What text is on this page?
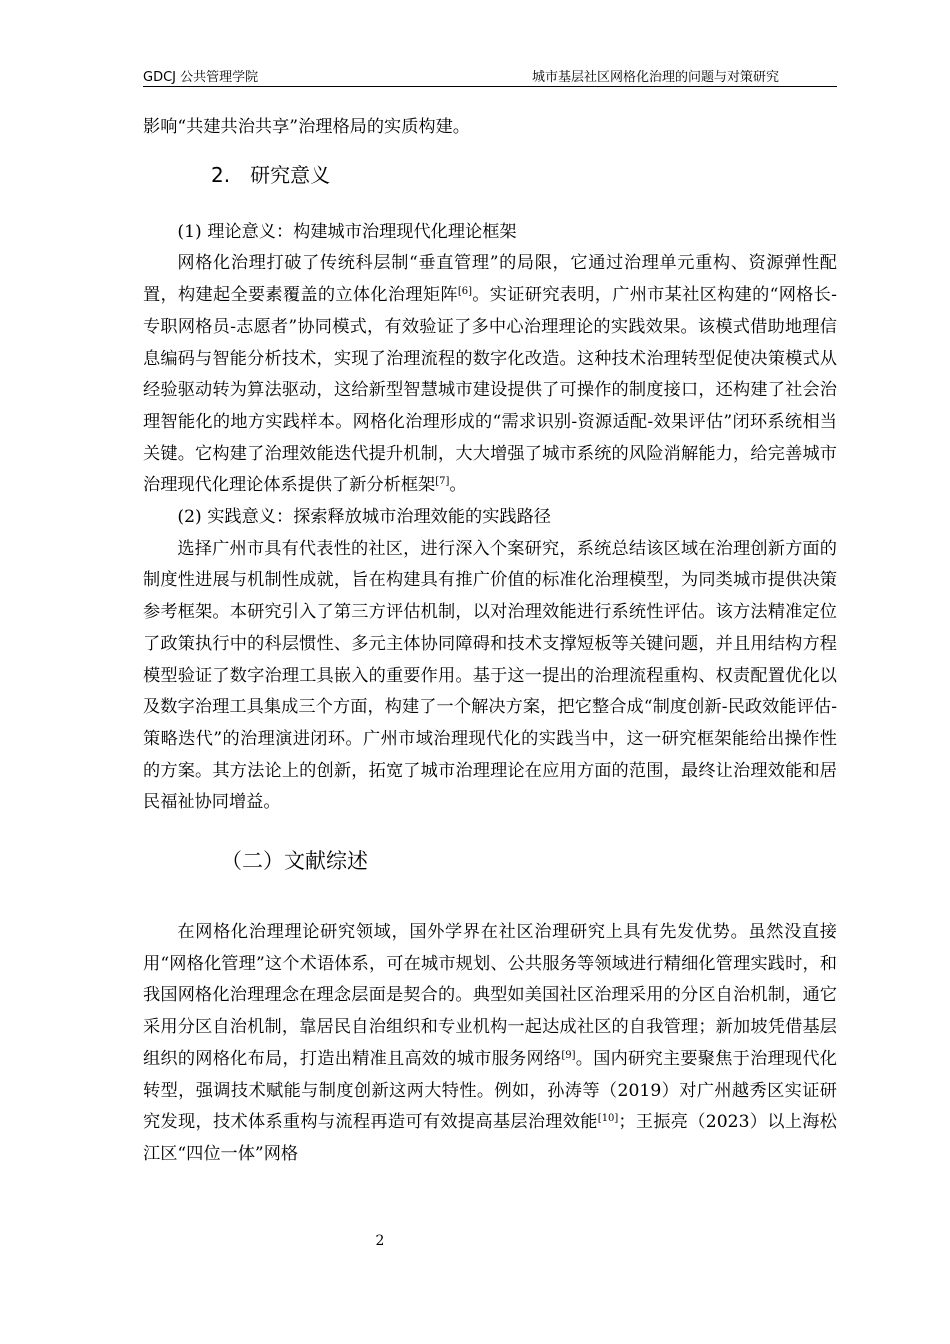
GDCJ 公共管理学院	城市基层社区网格化治理的问题与对策研究

影响“共建共治共享”治理格局的实质构建。

2.　研究意义

(1) 理论意义：构建城市治理现代化理论框架

网格化治理打破了传统科层制“垂直管理”的局限，它通过治理单元重构、资源弹性配置，构建起全要素覆盖的立体化治理矩阵[6]。实证研究表明，广州市某社区构建的“网格长-专职网格员-志愿者”协同模式，有效验证了多中心治理理论的实践效果。该模式借助地理信息编码与智能分析技术，实现了治理流程的数字化改造。这种技术治理转型促使决策模式从经验驱动转为算法驱动，这给新型智慧城市建设提供了可操作的制度接口，还构建了社会治理智能化的地方实践样本。网格化治理形成的“需求识别-资源适配-效果评估”闭环系统相当关键。它构建了治理效能迭代提升机制，大大增强了城市系统的风险消解能力，给完善城市治理现代化理论体系提供了新分析框架[7]。

(2) 实践意义：探索释放城市治理效能的实践路径

选择广州市具有代表性的社区，进行深入个案研究，系统总结该区域在治理创新方面的制度性进展与机制性成就，旨在构建具有推广价值的标准化治理模型，为同类城市提供决策参考框架。本研究引入了第三方评估机制，以对治理效能进行系统性评估。该方法精准定位了政策执行中的科层惯性、多元主体协同障碍和技术支撑短板等关键问题，并且用结构方程模型验证了数字治理工具嵌入的重要作用。基于这一提出的治理流程重构、权责配置优化以及数字治理工具集成三个方面，构建了一个解决方案，把它整合成“制度创新-民政效能评估-策略迭代”的治理演进闭环。广州市域治理现代化的实践当中，这一研究框架能给出操作性的方案。其方法论上的创新，拓宽了城市治理理论在应用方面的范围，最终让治理效能和居民福祉协同增益。

（二）文献综述

在网格化治理理论研究领域，国外学界在社区治理研究上具有先发优势。虽然没直接用“网格化管理”这个术语体系，可在城市规划、公共服务等领域进行精细化管理实践时，和我国网格化治理理念在理念层面是契合的。典型如美国社区治理采用的分区自治机制，通它采用分区自治机制，靠居民自治组织和专业机构一起达成社区的自我管理；新加坡凭借基层组织的网格化布局，打造出精准且高效的城市服务网络[9]。国内研究主要聚焦于治理现代化转型，强调技术赋能与制度创新这两大特性。例如，孙涛等（2019）对广州越秀区实证研究发现，技术体系重构与流程再造可有效提高基层治理效能[10]；王振亮（2023）以上海松江区“四位一体”网格

2
